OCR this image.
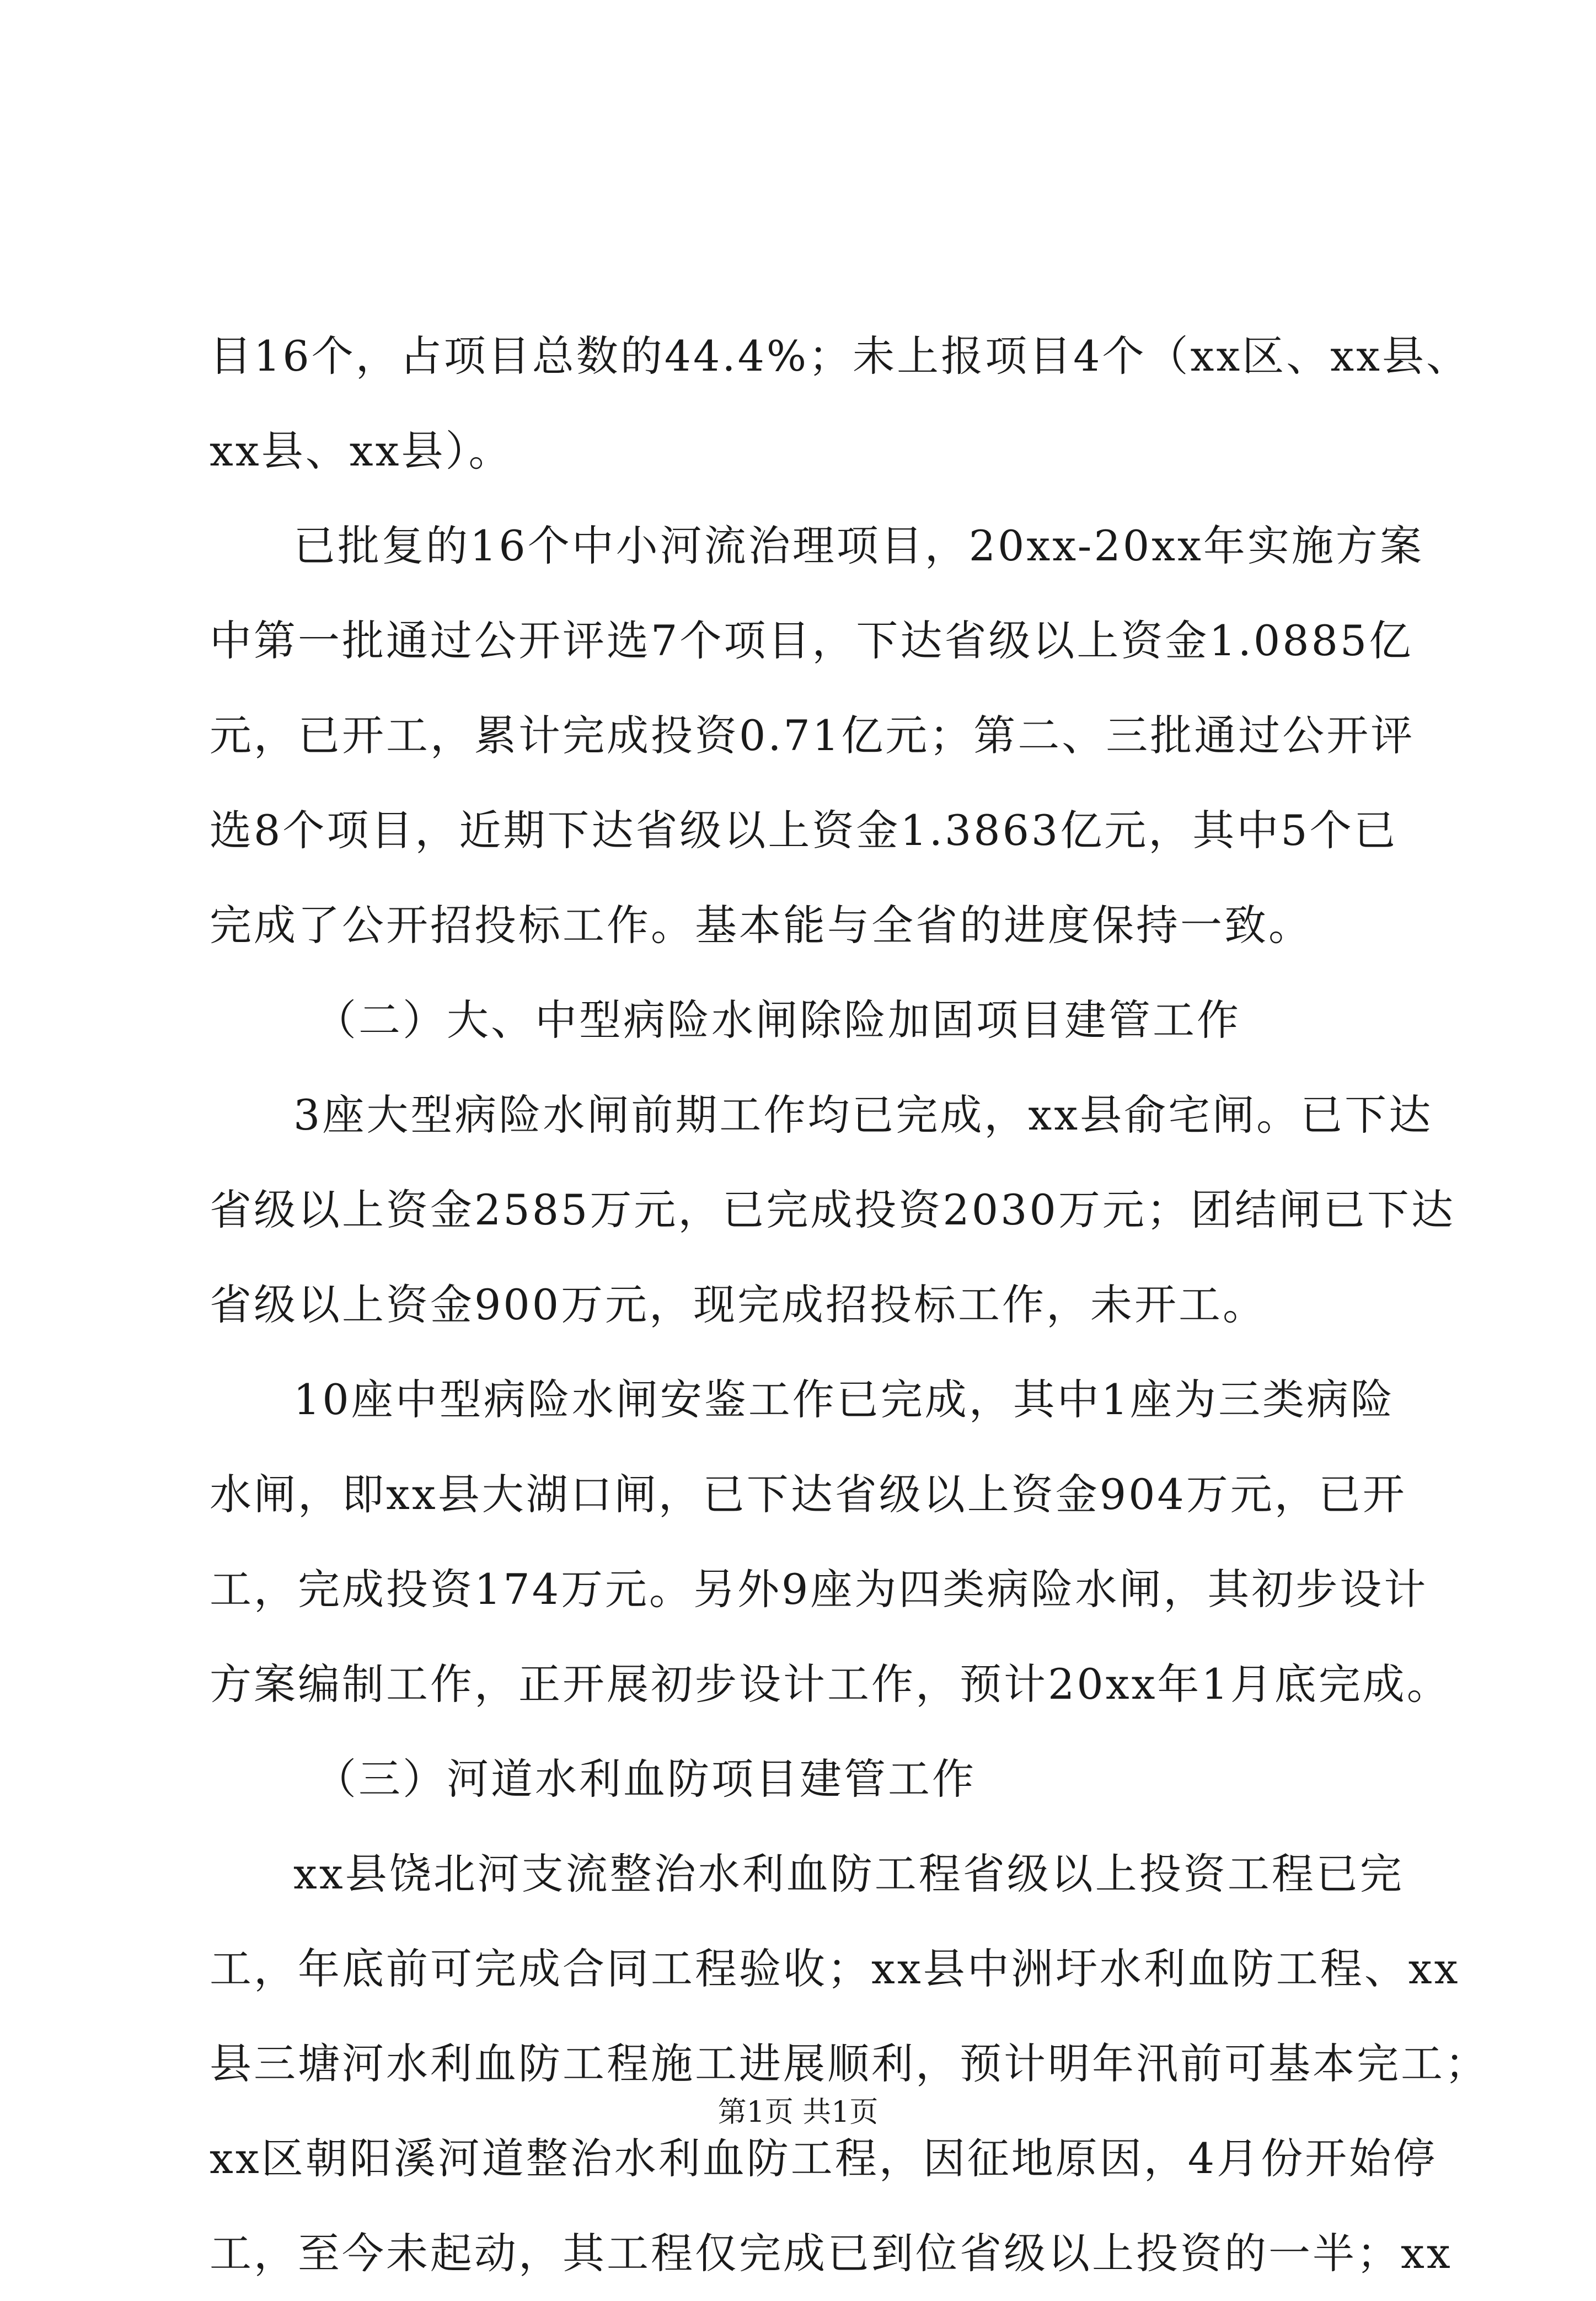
目16个，占项目总数的44.4%；未上报项目4个（xx区、xx县、
xx县、xx县）。
已批复的16个中小河流治理项目，20xx-20xx年实施方案
中第一批通过公开评选7个项目，下达省级以上资金1.0885亿
元，已开工，累计完成投资0.71亿元；第二、三批通过公开评
选8个项目，近期下达省级以上资金1.3863亿元，其中5个已
完成了公开招投标工作。基本能与全省的进度保持一致。
（二）大、中型病险水闸除险加固项目建管工作
3座大型病险水闸前期工作均已完成，xx县俞宅闸。已下达
省级以上资金2585万元，已完成投资2030万元；团结闸已下达
省级以上资金900万元，现完成招投标工作，未开工。
10座中型病险水闸安鉴工作已完成，其中1座为三类病险
水闸，即xx县大湖口闸，已下达省级以上资金904万元，已开
工，完成投资174万元。另外9座为四类病险水闸，其初步设计
方案编制工作，正开展初步设计工作，预计20xx年1月底完成。
（三）河道水利血防项目建管工作
xx县饶北河支流整治水利血防工程省级以上投资工程已完
工，年底前可完成合同工程验收；xx县中洲圩水利血防工程、xx
县三塘河水利血防工程施工进展顺利，预计明年汛前可基本完工；
xx区朝阳溪河道整治水利血防工程，因征地原因，4月份开始停
工，至今未起动，其工程仅完成已到位省级以上投资的一半；xx
第1页 共1页
